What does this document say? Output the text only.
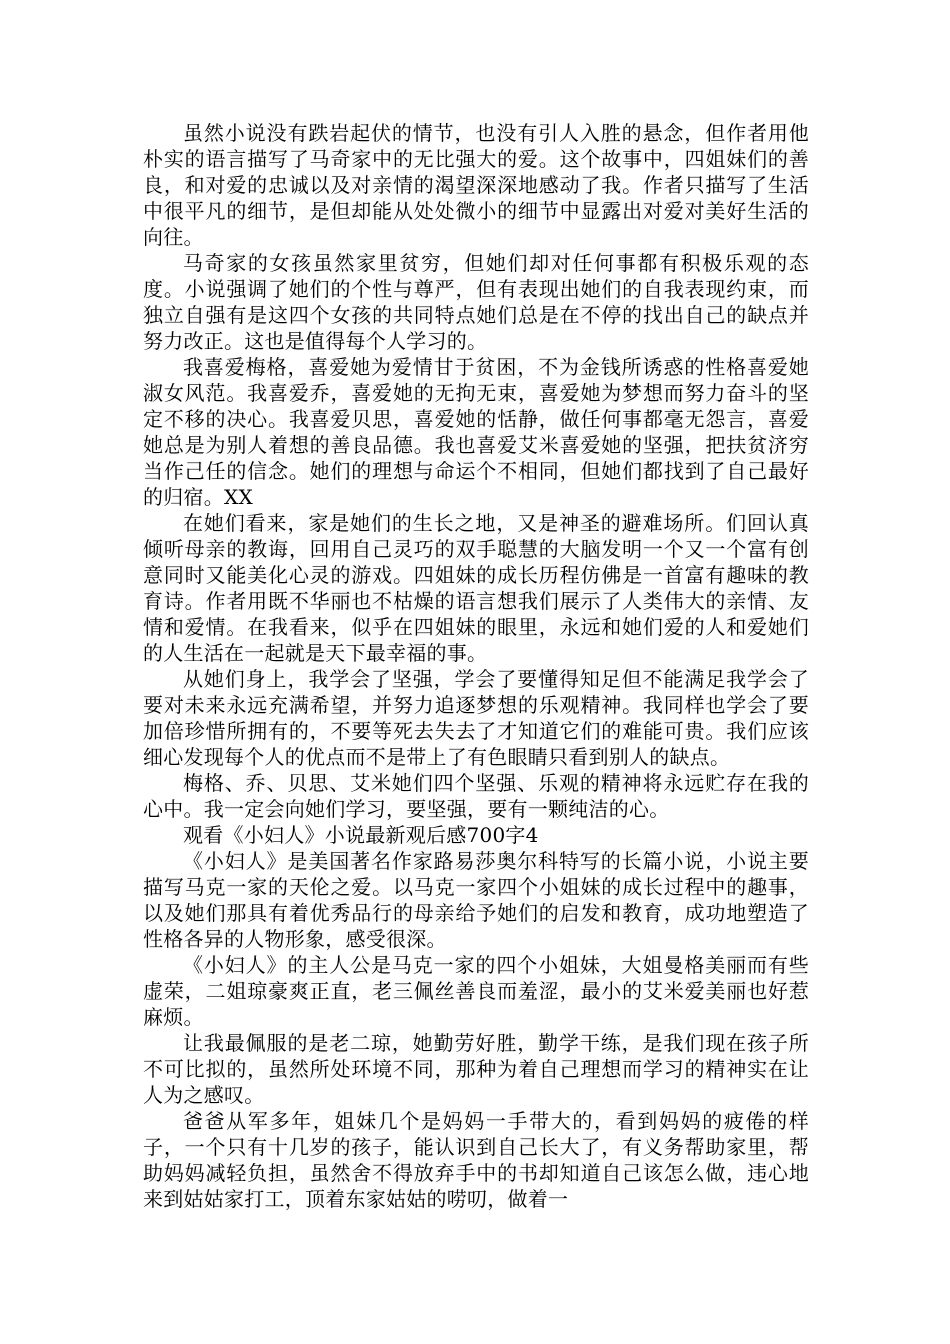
虽然小说没有跌岩起伏的情节，也没有引人入胜的悬念，但作者用他朴实的语言描写了马奇家中的无比强大的爱。这个故事中，四姐妹们的善良，和对爱的忠诚以及对亲情的渴望深深地感动了我。作者只描写了生活中很平凡的细节，是但却能从处处微小的细节中显露出对爱对美好生活的向往。

马奇家的女孩虽然家里贫穷，但她们却对任何事都有积极乐观的态度。小说强调了她们的个性与尊严，但有表现出她们的自我表现约束，而独立自强有是这四个女孩的共同特点她们总是在不停的找出自己的缺点并努力改正。这也是值得每个人学习的。

我喜爱梅格，喜爱她为爱情甘于贫困，不为金钱所诱惑的性格喜爱她淑女风范。我喜爱乔，喜爱她的无拘无束，喜爱她为梦想而努力奋斗的坚定不移的决心。我喜爱贝思，喜爱她的恬静，做任何事都毫无怨言，喜爱她总是为别人着想的善良品德。我也喜爱艾米喜爱她的坚强，把扶贫济穷当作己任的信念。她们的理想与命运个不相同，但她们都找到了自己最好的归宿。XX

在她们看来，家是她们的生长之地，又是神圣的避难场所。们回认真倾听母亲的教诲，回用自己灵巧的双手聪慧的大脑发明一个又一个富有创意同时又能美化心灵的游戏。四姐妹的成长历程仿佛是一首富有趣味的教育诗。作者用既不华丽也不枯燥的语言想我们展示了人类伟大的亲情、友情和爱情。在我看来，似乎在四姐妹的眼里，永远和她们爱的人和爱她们的人生活在一起就是天下最幸福的事。

从她们身上，我学会了坚强，学会了要懂得知足但不能满足我学会了要对未来永远充满希望，并努力追逐梦想的乐观精神。我同样也学会了要加倍珍惜所拥有的，不要等死去失去了才知道它们的难能可贵。我们应该细心发现每个人的优点而不是带上了有色眼睛只看到别人的缺点。

梅格、乔、贝思、艾米她们四个坚强、乐观的精神将永远贮存在我的心中。我一定会向她们学习，要坚强，要有一颗纯洁的心。

观看《小妇人》小说最新观后感700字4

《小妇人》是美国著名作家路易莎奥尔科特写的长篇小说，小说主要描写马克一家的天伦之爱。以马克一家四个小姐妹的成长过程中的趣事，以及她们那具有着优秀品行的母亲给予她们的启发和教育，成功地塑造了性格各异的人物形象，感受很深。

《小妇人》的主人公是马克一家的四个小姐妹，大姐曼格美丽而有些虚荣，二姐琼豪爽正直，老三佩丝善良而羞涩，最小的艾米爱美丽也好惹麻烦。

让我最佩服的是老二琼，她勤劳好胜，勤学干练，是我们现在孩子所不可比拟的，虽然所处环境不同，那种为着自己理想而学习的精神实在让人为之感叹。

爸爸从军多年，姐妹几个是妈妈一手带大的，看到妈妈的疲倦的样子，一个只有十几岁的孩子，能认识到自己长大了，有义务帮助家里，帮助妈妈减轻负担，虽然舍不得放弃手中的书却知道自己该怎么做，违心地来到姑姑家打工，顶着东家姑姑的唠叨，做着一
